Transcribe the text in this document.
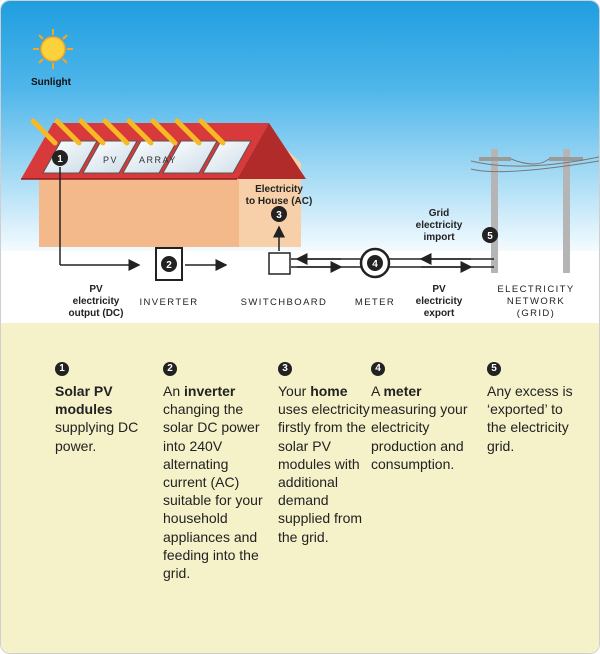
1
2
3
4
5
Sunlight
PV ARRAY
Electricity
to House (AC)
Grid
electricity
import
PV
electricity
output (DC)
INVERTER	SWITCHBOARD	METER
PV
electricity
export
ELECTRICITY
NETWORK
(GRID)
1
Solar PV modules supplying DC power.
2
An inverter changing the solar DC power into 240V alternating current (AC) suitable for your household appliances and feeding into the grid.
3
Your home uses electricity firstly from the solar PV modules with additional demand supplied from the grid.
4
A meter measuring your electricity production and consumption.
5
Any excess is ‘exported’ to the electricity grid.
